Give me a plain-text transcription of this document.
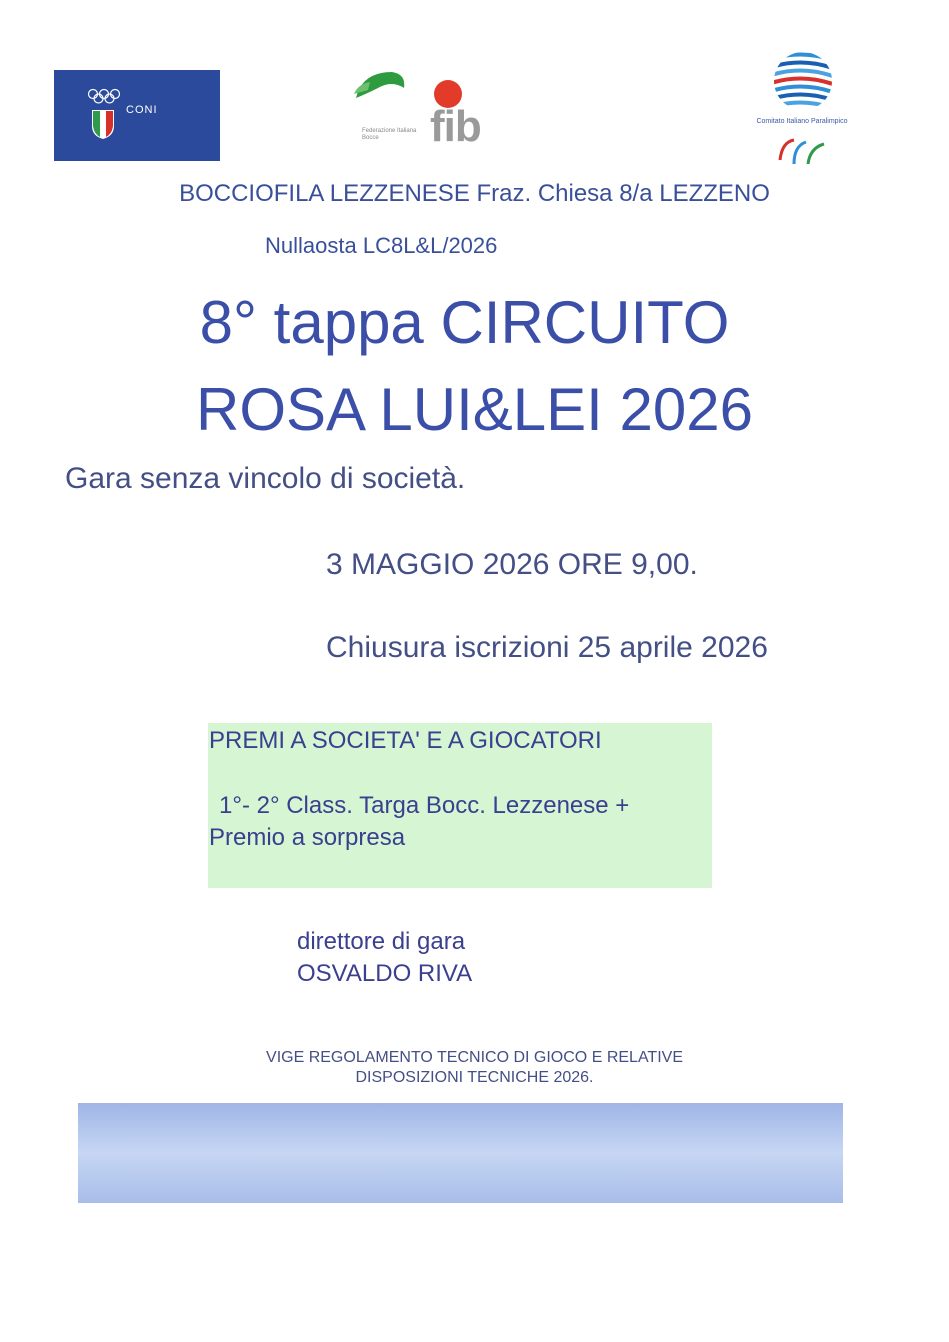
CONI
Federazione Italiana Bocce	fib	Comitato Italiano Paralimpico
BOCCIOFILA LEZZENESE Fraz. Chiesa 8/a LEZZENO
Nullaosta LC8L&L/2026
8° tappa CIRCUITO
ROSA LUI&LEI 2026
Gara senza vincolo di società.
3 MAGGIO 2026 ORE 9,00.
Chiusura iscrizioni 25 aprile 2026
PREMI A SOCIETA' E A GIOCATORI
1°- 2° Class. Targa Bocc. Lezzenese +
Premio a sorpresa
direttore di gara
OSVALDO RIVA
VIGE REGOLAMENTO TECNICO DI GIOCO E RELATIVE
DISPOSIZIONI TECNICHE 2026.
